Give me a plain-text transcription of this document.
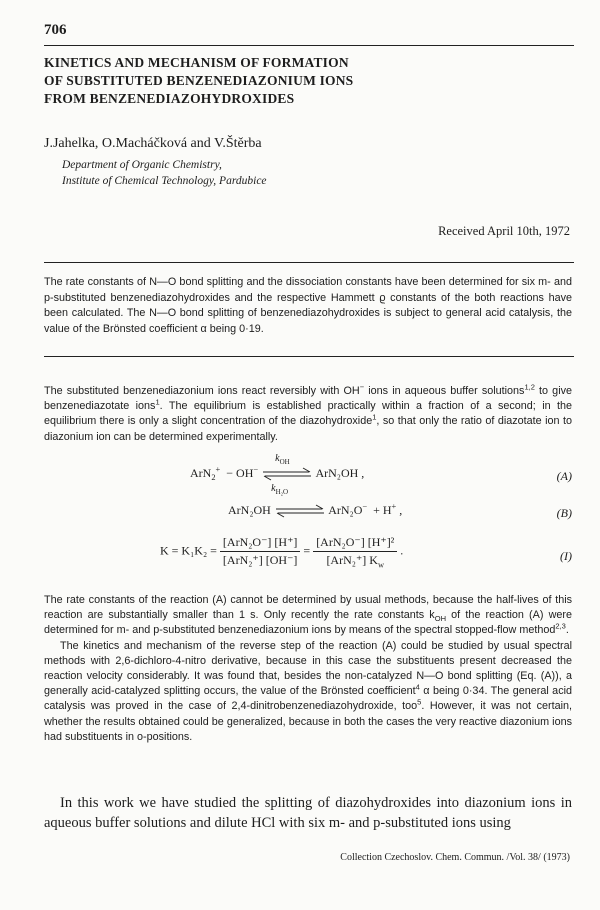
706
KINETICS AND MECHANISM OF FORMATION
OF SUBSTITUTED BENZENEDIAZONIUM IONS
FROM BENZENEDIAZOHYDROXIDES
J.Jahelka, O.Macháčková and V.Štěrba
Department of Organic Chemistry,
Institute of Chemical Technology, Pardubice
Received April 10th, 1972

The rate constants of N—O bond splitting and the dissociation constants have been determined for six m- and p-substituted benzenediazohydroxides and the respective Hammett ϱ constants of the both reactions have been calculated. The N—O bond splitting of benzenediazohydroxides is subject to general acid catalysis, the value of the Brönsted coefficient α being 0·19.

The substituted benzenediazonium ions react reversibly with OH− ions in aqueous buffer solutions$^{1,2}$ to give benzenediazotate ions$^1$. The equilibrium is established practically within a fraction of a second; in the equilibrium there is only a slight concentration of the diazohydroxide$^1$, so that only the ratio of diazotate ion to diazonium ion can be determined experimentally.

ArN$_2$+  − OH−
$k_{OH}$
$k_{H_2O}$
ArN₂OH ,	(A)
ArN₂OH	ArN₂O− + H+ ,	(B)
$K = K_1K_2 = \frac{\text{[ArN₂O⁻] [H⁺]}}{\text{[ArN₂⁺] [OH⁻]}} = \frac{\text{[ArN₂O⁻] [H⁺]²}}{[ArN_2^+] K_w}$ .	(I)

The rate constants of the reaction (A) cannot be determined by usual methods, because the half-lives of this reaction are substantially smaller than 1 s. Only recently the rate constants $k_{OH}$ of the reaction (A) were determined for m- and p-substituted benzenediazonium ions by means of the spectral stopped-flow method$^{2,3}$.

The kinetics and mechanism of the reverse step of the reaction (A) could be studied by usual spectral methods with 2,6-dichloro-4-nitro derivative, because in this case the substituents present decreased the reaction velocity considerably. It was found that, besides the non-catalyzed N—O bond splitting (Eq. (A)), a generally acid-catalyzed splitting occurs, the value of the Brönsted coefficient$^4$ α being 0·34. The general acid catalysis was proved in the case of 2,4-dinitrobenzenediazohydroxide, too$^5$. However, it was not certain, whether the results obtained could be generalized, because in both the cases the very reactive diazonium ions had substituents in o-positions.

In this work we have studied the splitting of diazohydroxides into diazonium ions in aqueous buffer solutions and dilute HCl with six m- and p-substituted ions using

Collection Czechoslov. Chem. Commun. /Vol. 38/ (1973)
